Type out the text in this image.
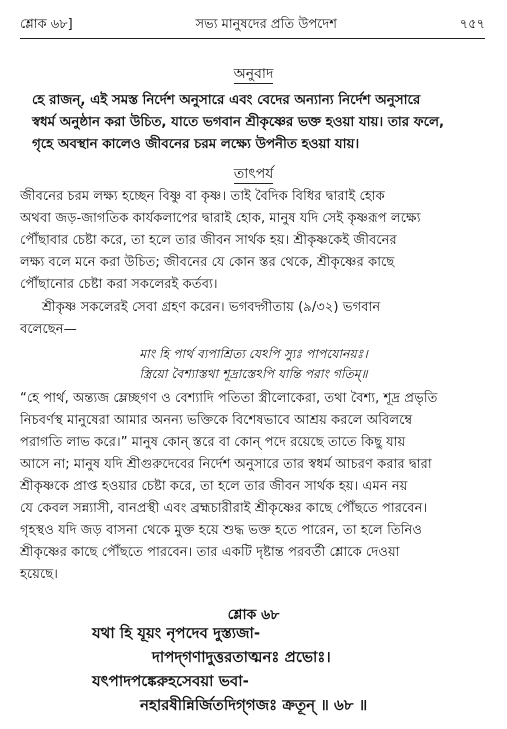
শ্লোক ৬৮]	সভ্য মানুষদের প্রতি উপদেশ	৭৫৭
অনুবাদ
হে রাজন্‌, এই সমস্ত নির্দেশ অনুসারে এবং বেদের অন্যান্য নির্দেশ অনুসারে
স্বধর্ম অনুষ্ঠান করা উচিত, যাতে ভগবান শ্রীকৃষ্ণের ভক্ত হওয়া যায়। তার ফলে,
গৃহে অবস্থান কালেও জীবনের চরম লক্ষ্যে উপনীত হওয়া যায়।
তাৎপর্য
জীবনের চরম লক্ষ্য হচ্ছেন বিষ্ণু বা কৃষ্ণ। তাই বৈদিক বিধির দ্বারাই হোক
অথবা জড়-জাগতিক কার্যকলাপের দ্বারাই হোক, মানুষ যদি সেই কৃষ্ণরূপ লক্ষ্যে
পৌঁছাবার চেষ্টা করে, তা হলে তার জীবন সার্থক হয়। শ্রীকৃষ্ণকেই জীবনের
লক্ষ্য বলে মনে করা উচিত; জীবনের যে কোন স্তর থেকে, শ্রীকৃষ্ণের কাছে
পৌঁছানোর চেষ্টা করা সকলেরই কর্তব্য।
শ্রীকৃষ্ণ সকলেরই সেবা গ্রহণ করেন। ভগবদ্গীতায় (৯/৩২) ভগবান
বলেছেন—
মাং হি পার্থ ব্যপাশ্রিত্য যেঽপি স্যুঃ পাপযোনয়ঃ।
স্ত্রিয়ো বৈশ্যাস্তথা শূদ্রাস্তেঽপি যান্তি পরাং গতিম্‌॥
“হে পার্থ, অন্ত্যজ ম্লেচ্ছগণ ও বেশ্যাদি পতিতা স্ত্রীলোকেরা, তথা বৈশ্য, শূদ্র প্রভৃতি
নিচবর্ণস্থ মানুষেরা আমার অনন্য ভক্তিকে বিশেষভাবে আশ্রয় করলে অবিলম্বে
পরাগতি লাভ করে।” মানুষ কোন্‌ স্তরে বা কোন্‌ পদে রয়েছে তাতে কিছু যায়
আসে না; মানুষ যদি শ্রীগুরুদেবের নির্দেশ অনুসারে তার স্বধর্ম আচরণ করার দ্বারা
শ্রীকৃষ্ণকে প্রাপ্ত হওয়ার চেষ্টা করে, তা হলে তার জীবন সার্থক হয়। এমন নয়
যে কেবল সন্ন্যাসী, বানপ্রস্থী এবং ব্রহ্মচারীরাই শ্রীকৃষ্ণের কাছে পৌঁছতে পারবেন।
গৃহস্থও যদি জড় বাসনা থেকে মুক্ত হয়ে শুদ্ধ ভক্ত হতে পারেন, তা হলে তিনিও
শ্রীকৃষ্ণের কাছে পৌঁছতে পারবেন। তার একটি দৃষ্টান্ত পরবর্তী শ্লোকে দেওয়া
হয়েছে।
শ্লোক ৬৮
যথা হি যূয়ং নৃপদেব দুস্ত্যজা-
দাপদ্‌গণাদুত্তরতাত্মনঃ প্রভোঃ।
যৎপাদপঙ্কেরুহসেবয়া ভবা-
নহারষীন্নির্জিতদিগ্‌গজঃ ক্রতূন্‌ ॥ ৬৮ ॥
